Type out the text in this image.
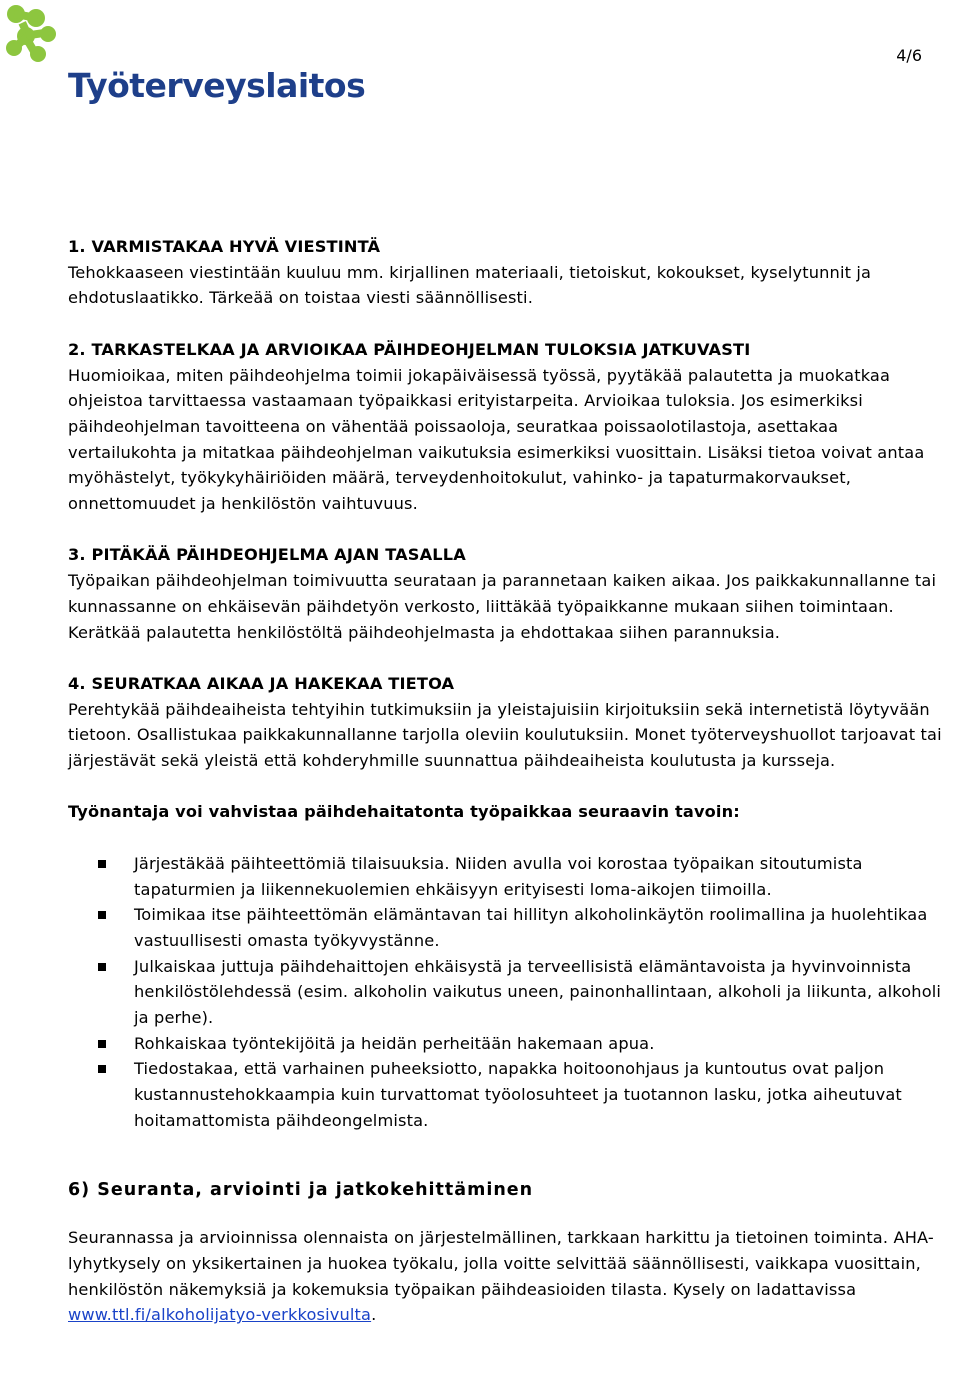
Työterveyslaitos
4/6
1. VARMISTAKAA HYVÄ VIESTINTÄ

Tehokkaaseen viestintään kuuluu mm. kirjallinen materiaali, tietoiskut, kokoukset, kyselytunnit ja ehdotuslaatikko. Tärkeää on toistaa viesti säännöllisesti.

2. TARKASTELKAA JA ARVIOIKAA PÄIHDEOHJELMAN TULOKSIA JATKUVASTI

Huomioikaa, miten päihdeohjelma toimii jokapäiväisessä työssä, pyytäkää palautetta ja muokatkaa ohjeistoa tarvittaessa vastaamaan työpaikkasi erityistarpeita. Arvioikaa tuloksia. Jos esimerkiksi päihdeohjelman tavoitteena on vähentää poissaoloja, seuratkaa poissaolotilastoja, asettakaa vertailukohta ja mitatkaa päihdeohjelman vaikutuksia esimerkiksi vuosittain. Lisäksi tietoa voivat antaa myöhästelyt, työkykyhäiriöiden määrä, terveydenhoitokulut, vahinko- ja tapaturmakorvaukset, onnettomuudet ja henkilöstön vaihtuvuus.

3. PITÄKÄÄ PÄIHDEOHJELMA AJAN TASALLA

Työpaikan päihdeohjelman toimivuutta seurataan ja parannetaan kaiken aikaa. Jos paikkakunnallanne tai kunnassanne on ehkäisevän päihdetyön verkosto, liittäkää työpaikkanne mukaan siihen toimintaan. Kerätkää palautetta henkilöstöltä päihdeohjelmasta ja ehdottakaa siihen parannuksia.

4. SEURATKAA AIKAA JA HAKEKAA TIETOA

Perehtykää päihdeaiheista tehtyihin tutkimuksiin ja yleistajuisiin kirjoituksiin sekä internetistä löytyvään tietoon. Osallistukaa paikkakunnallanne tarjolla oleviin koulutuksiin. Monet työterveyshuollot tarjoavat tai järjestävät sekä yleistä että kohderyhmille suunnattua päihdeaiheista koulutusta ja kursseja.

Työnantaja voi vahvistaa päihdehaitatonta työpaikkaa seuraavin tavoin:

Järjestäkää päihteettömiä tilaisuuksia. Niiden avulla voi korostaa työpaikan sitoutumista tapaturmien ja liikennekuolemien ehkäisyyn erityisesti loma-aikojen tiimoilla.
Toimikaa itse päihteettömän elämäntavan tai hillityn alkoholinkäytön roolimallina ja huolehtikaa vastuullisesti omasta työkyvystänne.
Julkaiskaa juttuja päihdehaittojen ehkäisystä ja terveellisistä elämäntavoista ja hyvinvoinnista henkilöstölehdessä (esim. alkoholin vaikutus uneen, painonhallintaan, alkoholi ja liikunta, alkoholi ja perhe).
Rohkaiskaa työntekijöitä ja heidän perheitään hakemaan apua.
Tiedostakaa, että varhainen puheeksiotto, napakka hoitoonohjaus ja kuntoutus ovat paljon kustannustehokkaampia kuin turvattomat työolosuhteet ja tuotannon lasku, jotka aiheutuvat hoitamattomista päihdeongelmista.
6) Seuranta, arviointi ja jatkokehittäminen

Seurannassa ja arvioinnissa olennaista on järjestelmällinen, tarkkaan harkittu ja tietoinen toiminta. AHA-lyhytkysely on yksikertainen ja huokea työkalu, jolla voitte selvittää säännöllisesti, vaikkapa vuosittain, henkilöstön näkemyksiä ja kokemuksia työpaikan päihdeasioiden tilasta. Kysely on ladattavissa www.ttl.fi/alkoholijatyo-verkkosivulta.
